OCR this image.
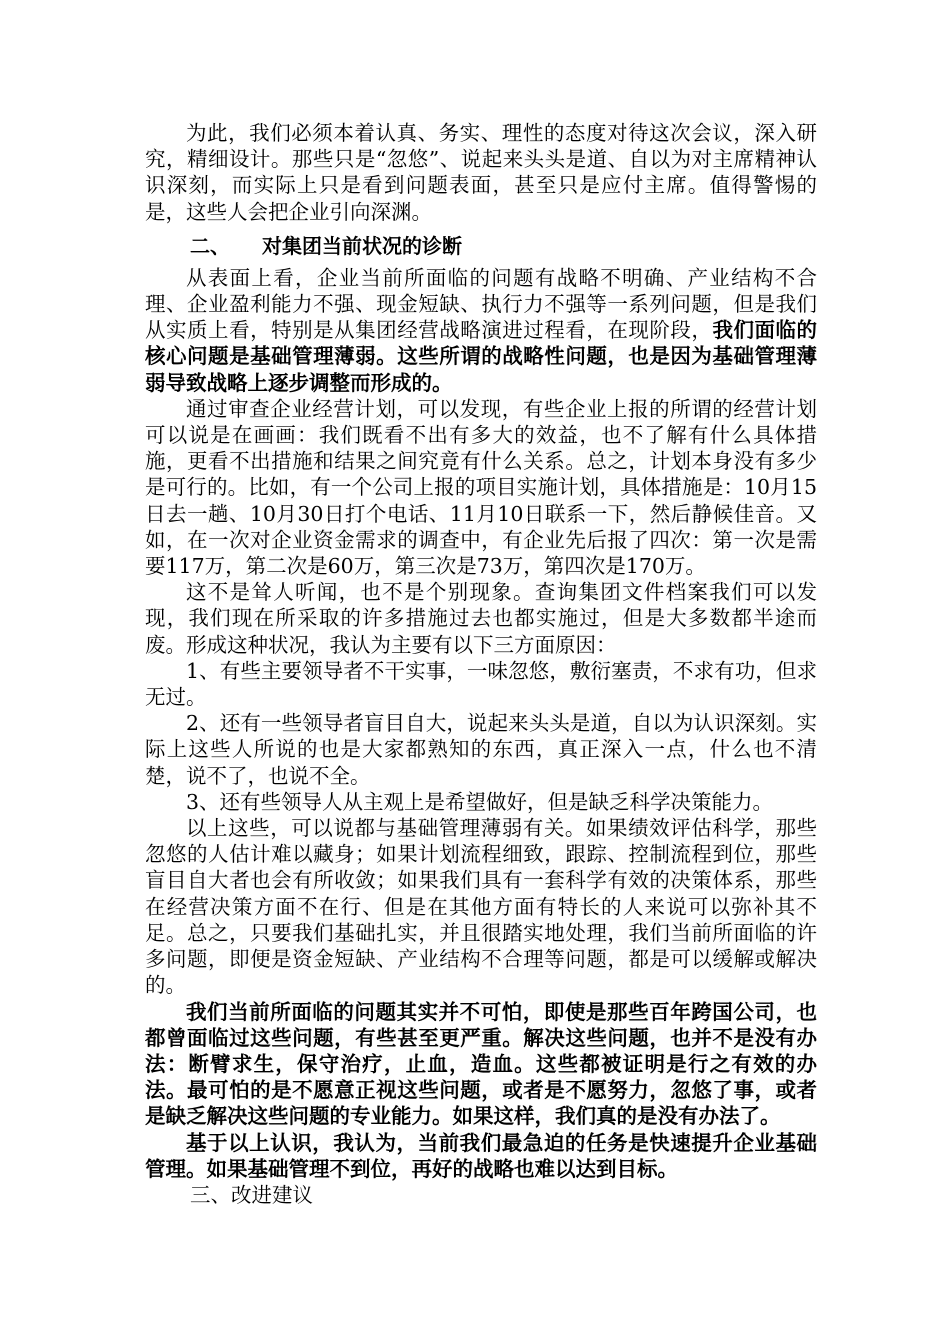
为此，我们必须本着认真、务实、理性的态度对待这次会议，深入研究，精细设计。那些只是“忽悠”、说起来头头是道、自以为对主席精神认识深刻，而实际上只是看到问题表面，甚至只是应付主席。值得警惕的是，这些人会把企业引向深渊。

二、 对集团当前状况的诊断

从表面上看，企业当前所面临的问题有战略不明确、产业结构不合理、企业盈利能力不强、现金短缺、执行力不强等一系列问题，但是我们从实质上看，特别是从集团经营战略演进过程看，在现阶段，我们面临的核心问题是基础管理薄弱。这些所谓的战略性问题，也是因为基础管理薄弱导致战略上逐步调整而形成的。

通过审查企业经营计划，可以发现，有些企业上报的所谓的经营计划可以说是在画画：我们既看不出有多大的效益，也不了解有什么具体措施，更看不出措施和结果之间究竟有什么关系。总之，计划本身没有多少是可行的。比如，有一个公司上报的项目实施计划，具体措施是：10月15日去一趟、10月30日打个电话、11月10日联系一下，然后静候佳音。又如，在一次对企业资金需求的调查中，有企业先后报了四次：第一次是需要117万，第二次是60万，第三次是73万，第四次是170万。

这不是耸人听闻，也不是个别现象。查询集团文件档案我们可以发现，我们现在所采取的许多措施过去也都实施过，但是大多数都半途而废。形成这种状况，我认为主要有以下三方面原因：

1、有些主要领导者不干实事，一味忽悠，敷衍塞责，不求有功，但求无过。

2、还有一些领导者盲目自大，说起来头头是道，自以为认识深刻。实际上这些人所说的也是大家都熟知的东西，真正深入一点，什么也不清楚，说不了，也说不全。

3、还有些领导人从主观上是希望做好，但是缺乏科学决策能力。

以上这些，可以说都与基础管理薄弱有关。如果绩效评估科学，那些忽悠的人估计难以藏身；如果计划流程细致，跟踪、控制流程到位，那些盲目自大者也会有所收敛；如果我们具有一套科学有效的决策体系，那些在经营决策方面不在行、但是在其他方面有特长的人来说可以弥补其不足。总之，只要我们基础扎实，并且很踏实地处理，我们当前所面临的许多问题，即便是资金短缺、产业结构不合理等问题，都是可以缓解或解决的。

我们当前所面临的问题其实并不可怕，即使是那些百年跨国公司，也都曾面临过这些问题，有些甚至更严重。解决这些问题，也并不是没有办法：断臂求生，保守治疗，止血，造血。这些都被证明是行之有效的办法。最可怕的是不愿意正视这些问题，或者是不愿努力，忽悠了事，或者是缺乏解决这些问题的专业能力。如果这样，我们真的是没有办法了。

基于以上认识，我认为，当前我们最急迫的任务是快速提升企业基础管理。如果基础管理不到位，再好的战略也难以达到目标。

三、改进建议
